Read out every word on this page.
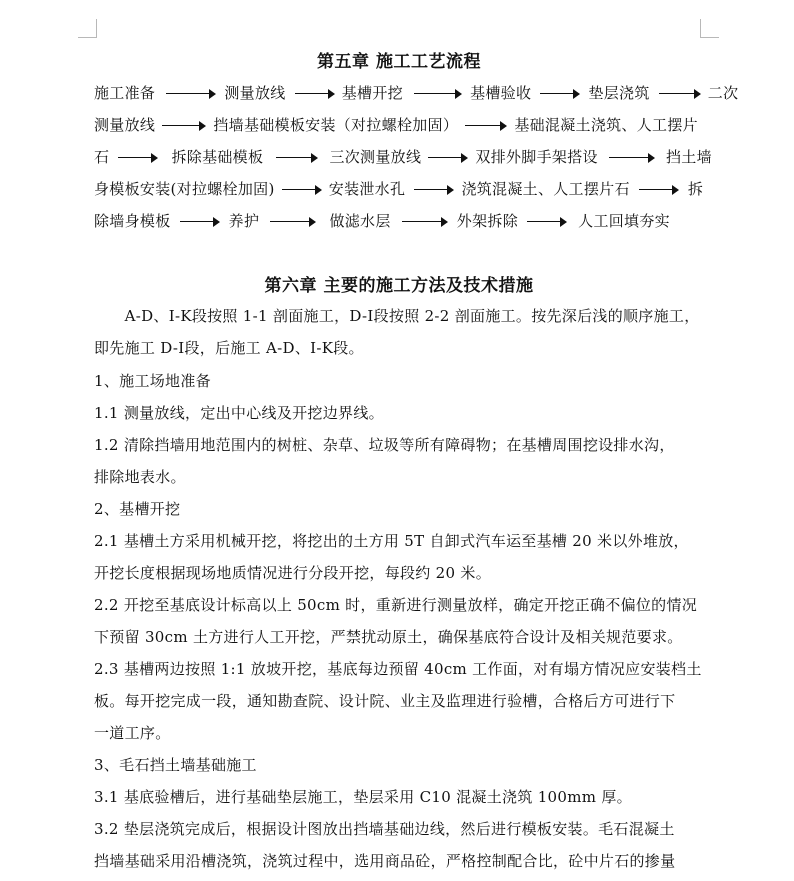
第五章 施工工艺流程
施工准备	测量放线	基槽开挖	基槽验收	垫层浇筑	二次
测量放线	挡墙基础模板安装（对拉螺栓加固）	基础混凝土浇筑、人工摆片
石	拆除基础模板	三次测量放线	双排外脚手架搭设	挡土墙
身模板安装(对拉螺栓加固)	安装泄水孔	浇筑混凝土、人工摆片石	拆
除墙身模板	养护	做滤水层	外架拆除	人工回填夯实
第六章 主要的施工方法及技术措施
　　A-D、I-K段按照 1-1 剖面施工，D-I段按照 2-2 剖面施工。按先深后浅的顺序施工，
即先施工 D-I段，后施工 A-D、I-K段。
1、施工场地准备
1.1 测量放线，定出中心线及开挖边界线。
1.2 清除挡墙用地范围内的树桩、杂草、垃圾等所有障碍物；在基槽周围挖设排水沟，
排除地表水。
2、基槽开挖
2.1 基槽土方采用机械开挖，将挖出的土方用 5T 自卸式汽车运至基槽 20 米以外堆放，
开挖长度根据现场地质情况进行分段开挖，每段约 20 米。
2.2 开挖至基底设计标高以上 50cm 时，重新进行测量放样，确定开挖正确不偏位的情况
下预留 30cm 土方进行人工开挖，严禁扰动原土，确保基底符合设计及相关规范要求。
2.3 基槽两边按照 1:1 放坡开挖，基底每边预留 40cm 工作面，对有塌方情况应安装档土
板。每开挖完成一段，通知勘查院、设计院、业主及监理进行验槽，合格后方可进行下
一道工序。
3、毛石挡土墙基础施工
3.1 基底验槽后，进行基础垫层施工，垫层采用 C10 混凝土浇筑 100mm 厚。
3.2 垫层浇筑完成后，根据设计图放出挡墙基础边线，然后进行模板安装。毛石混凝土
挡墙基础采用沿槽浇筑，浇筑过程中，选用商品砼，严格控制配合比，砼中片石的掺量
